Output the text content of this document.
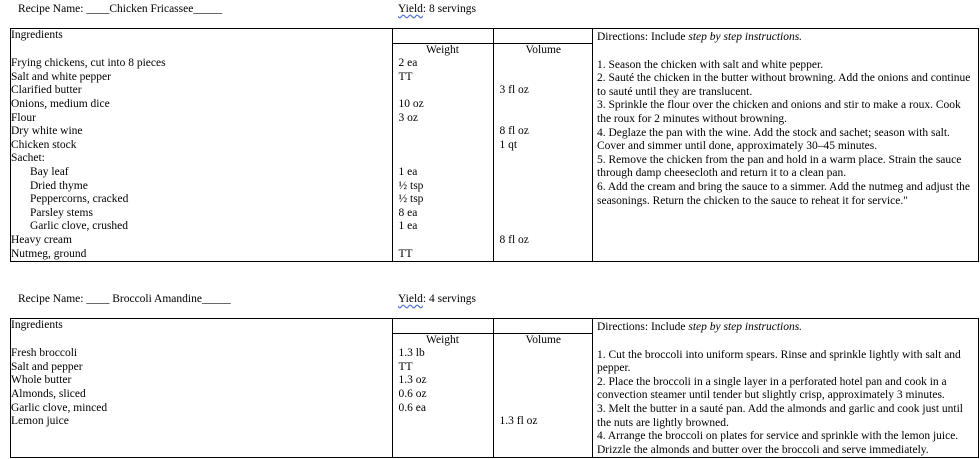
Recipe Name: ____Chicken Fricassee_____	Yield: 8 servings
Ingredients		
	Weight	Volume
Frying chickens, cut into 8 pieces	2 ea	
Salt and white pepper	TT	
Clarified butter		3 fl oz
Onions, medium dice	10 oz	
Flour	3 oz	
Dry white wine		8 fl oz
Chicken stock		1 qt
Sachet:		
Bay leaf	1 ea	
Dried thyme	½ tsp	
Peppercorns, cracked	½ tsp	
Parsley stems	8 ea	
Garlic clove, crushed	1 ea	
Heavy cream		8 fl oz
Nutmeg, ground	TT	

Directions: Include step by step instructions.

1. Season the chicken with salt and white pepper.

2. Sauté the chicken in the butter without browning. Add the onions and continue to sauté until they are translucent.

3. Sprinkle the flour over the chicken and onions and stir to make a roux. Cook the roux for 2 minutes without browning.

4. Deglaze the pan with the wine. Add the stock and sachet; season with salt. Cover and simmer until done, approximately 30–45 minutes.

5. Remove the chicken from the pan and hold in a warm place. Strain the sauce through damp cheesecloth and return it to a clean pan.

6. Add the cream and bring the sauce to a simmer. Add the nutmeg and adjust the seasonings. Return the chicken to the sauce to reheat it for service."

Recipe Name: ____ Broccoli Amandine_____	Yield: 4 servings
Ingredients		
	Weight	Volume
Fresh broccoli	1.3 lb	
Salt and pepper	TT	
Whole butter	1.3 oz	
Almonds, sliced	0.6 oz	
Garlic clove, minced	0.6 ea	
Lemon juice		1.3 fl oz

Directions: Include step by step instructions.

1. Cut the broccoli into uniform spears. Rinse and sprinkle lightly with salt and pepper.

2. Place the broccoli in a single layer in a perforated hotel pan and cook in a convection steamer until tender but slightly crisp, approximately 3 minutes.

3. Melt the butter in a sauté pan. Add the almonds and garlic and cook just until the nuts are lightly browned.

4. Arrange the broccoli on plates for service and sprinkle with the lemon juice. Drizzle the almonds and butter over the broccoli and serve immediately.
